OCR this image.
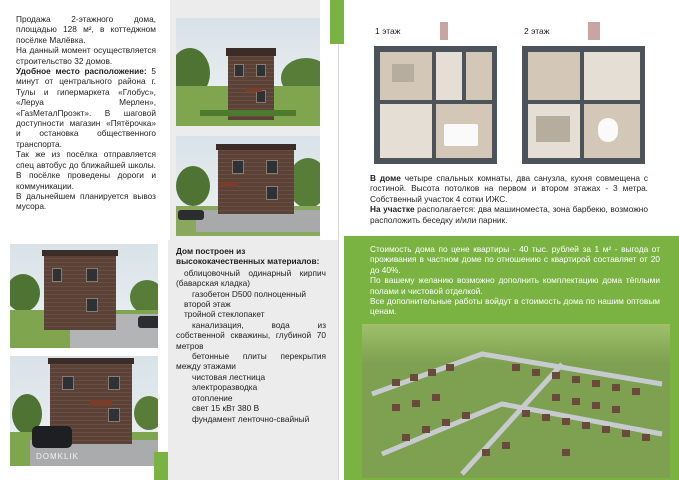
Продажа 2-этажного дома, площадью 128 м², в коттеджном посёлке Малёвка.

На данный момент осуществляется строительство 32 домов.

Удобное место расположение: 5 минут от центрального района г. Тулы и гипермаркета «Глобус», «Леруа Мерлен», «ГазМеталПроэкт». В шаговой доступности магазин «Пятёрочка» и остановка общественного транспорта.

Так же из посёлка отправляется спец автобус до ближайшей школы. В посёлке проведены дороги и коммуникации.

В дальнейшем планируется вывоз мусора.

1 этаж	2 этаж

В доме четыре спальных комнаты, два санузла, кухня совмещена с гостиной. Высота потолков на первом и втором этажах - 3 метра. Собственный участок 4 сотки ИЖС.

На участке располагается: два машиноместа, зона барбекю, возможно расположить беседку и/или парник.

DOMKLIK

Дом построен из высококачественных материалов:

облицовочный одинарный кирпич (баварская кладка)
газобетон D500 полноценный
второй этаж
тройной стеклопакет
канализация, вода из собственной скважины, глубиной 70 метров
бетонные плиты перекрытия между этажами
чистовая лестница
электроразводка
отопление
свет 15 кВт 380 В
фундамент ленточно-свайный

Стоимость дома по цене квартиры - 40 тыс. рублей за 1 м² - выгода от проживания в частном доме по отношению с квартирой составляет от 20 до 40%.

По вашему желанию возможно дополнить комплектацию дома тёплыми полами и чистовой отделкой.

Все дополнительные работы войдут в стоимость дома по нашим оптовым ценам.
